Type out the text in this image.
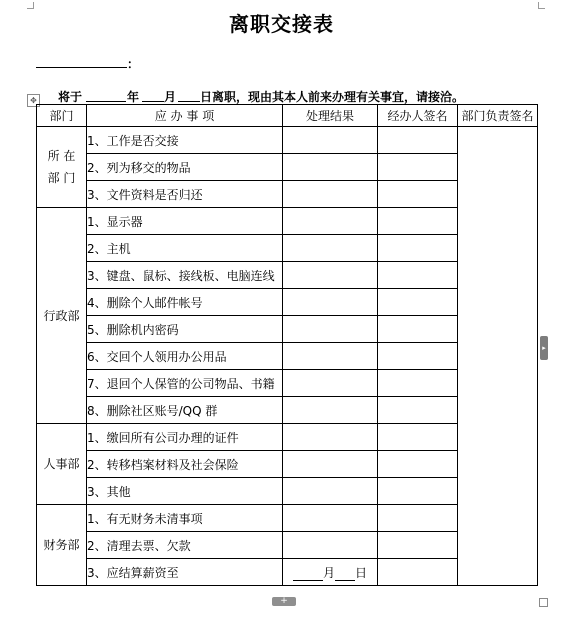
离职交接表
：
将于	年 月 日离职，现由其本人前来办理有关事宜，请接洽。
✥
部门	应 办 事 项	处理结果	经办人签名	部门负责签名

所 在
部 门	1、工作是否交接			
	2、列为移交的物品			
	3、文件资料是否归还			
行政部	1、显示器			
	2、主机			
	3、键盘、鼠标、接线板、电脑连线			
	4、删除个人邮件帐号			
	5、删除机内密码			
	6、交回个人领用办公用品			
	7、退回个人保管的公司物品、书籍			
	8、删除社区账号/QQ 群			
人事部	1、缴回所有公司办理的证件			
	2、转移档案材料及社会保险			
	3、其他			
财务部	1、有无财务未清事项			
	2、清理去票、欠款			
	3、应结算薪资至	月 日		
▸
+
